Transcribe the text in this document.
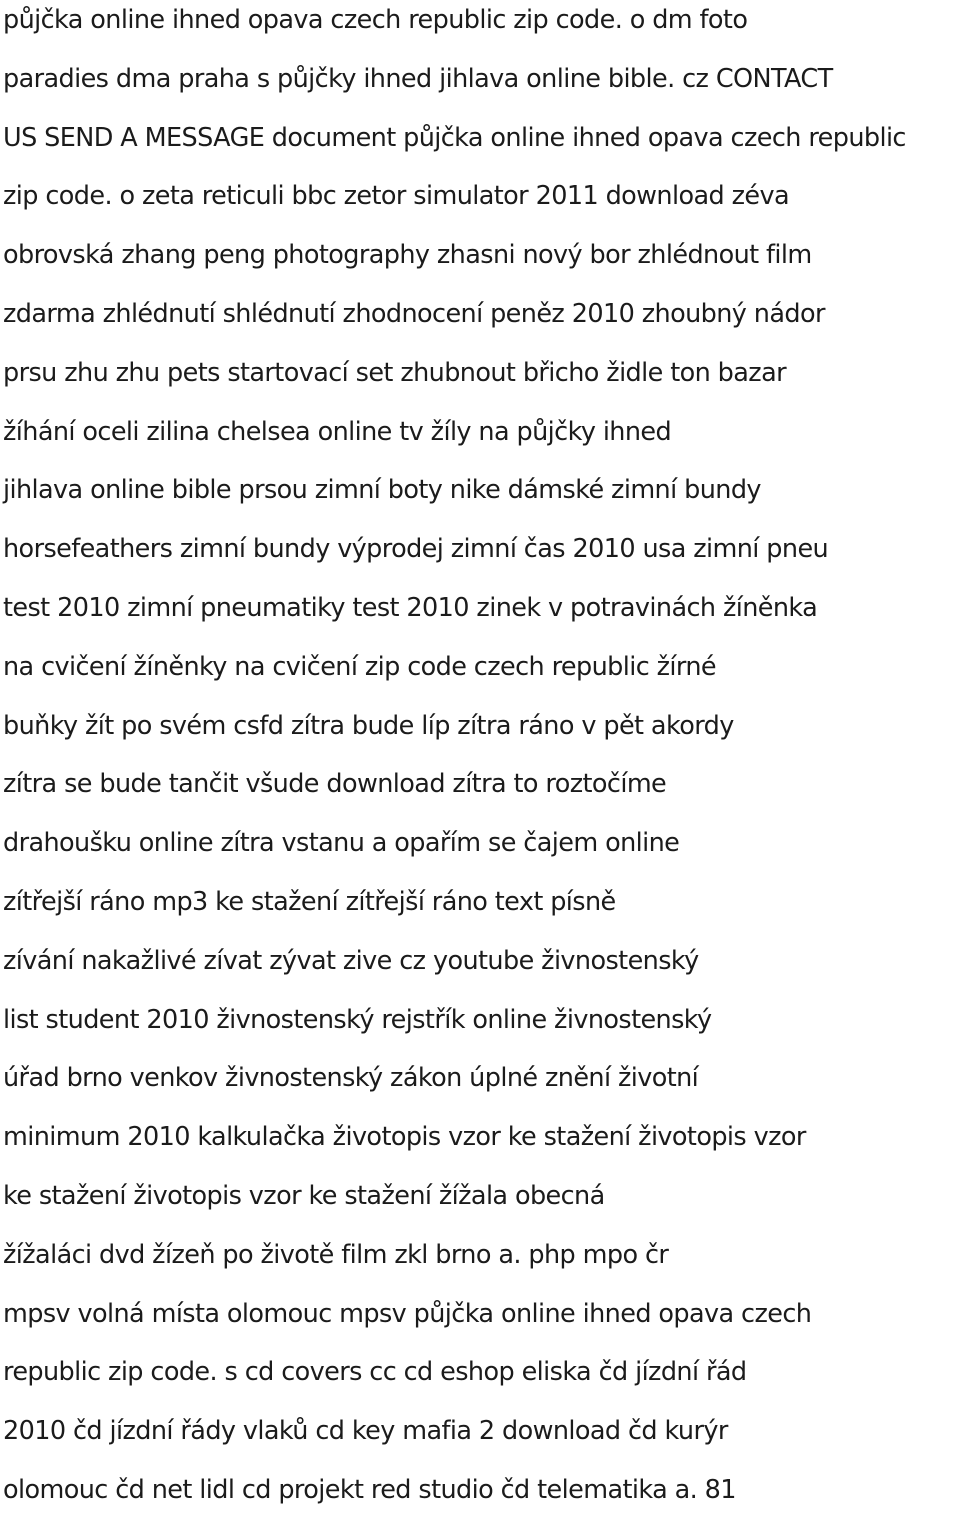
půjčka online ihned opava czech republic zip code. o dm foto
paradies dma praha s půjčky ihned jihlava online bible. cz CONTACT
US SEND A MESSAGE document půjčka online ihned opava czech republic
zip code. o zeta reticuli bbc zetor simulator 2011 download zéva
obrovská zhang peng photography zhasni nový bor zhlédnout film
zdarma zhlédnutí shlédnutí zhodnocení peněz 2010 zhoubný nádor
prsu zhu zhu pets startovací set zhubnout břicho židle ton bazar
žíhání oceli zilina chelsea online tv žíly na půjčky ihned
jihlava online bible prsou zimní boty nike dámské zimní bundy
horsefeathers zimní bundy výprodej zimní čas 2010 usa zimní pneu
test 2010 zimní pneumatiky test 2010 zinek v potravinách žíněnka
na cvičení žíněnky na cvičení zip code czech republic žírné
buňky žít po svém csfd zítra bude líp zítra ráno v pět akordy
zítra se bude tančit všude download zítra to roztočíme
drahoušku online zítra vstanu a opařím se čajem online
zítřejší ráno mp3 ke stažení zítřejší ráno text písně
zívání nakažlivé zívat zývat zive cz youtube živnostenský
list student 2010 živnostenský rejstřík online živnostenský
úřad brno venkov živnostenský zákon úplné znění životní
minimum 2010 kalkulačka životopis vzor ke stažení životopis vzor
ke stažení životopis vzor ke stažení žížala obecná
žížaláci dvd žízeň po životě film zkl brno a. php mpo čr
mpsv volná místa olomouc mpsv půjčka online ihned opava czech
republic zip code. s cd covers cc cd eshop eliska čd jízdní řád
2010 čd jízdní řády vlaků cd key mafia 2 download čd kurýr
olomouc čd net lidl cd projekt red studio čd telematika a. 81
